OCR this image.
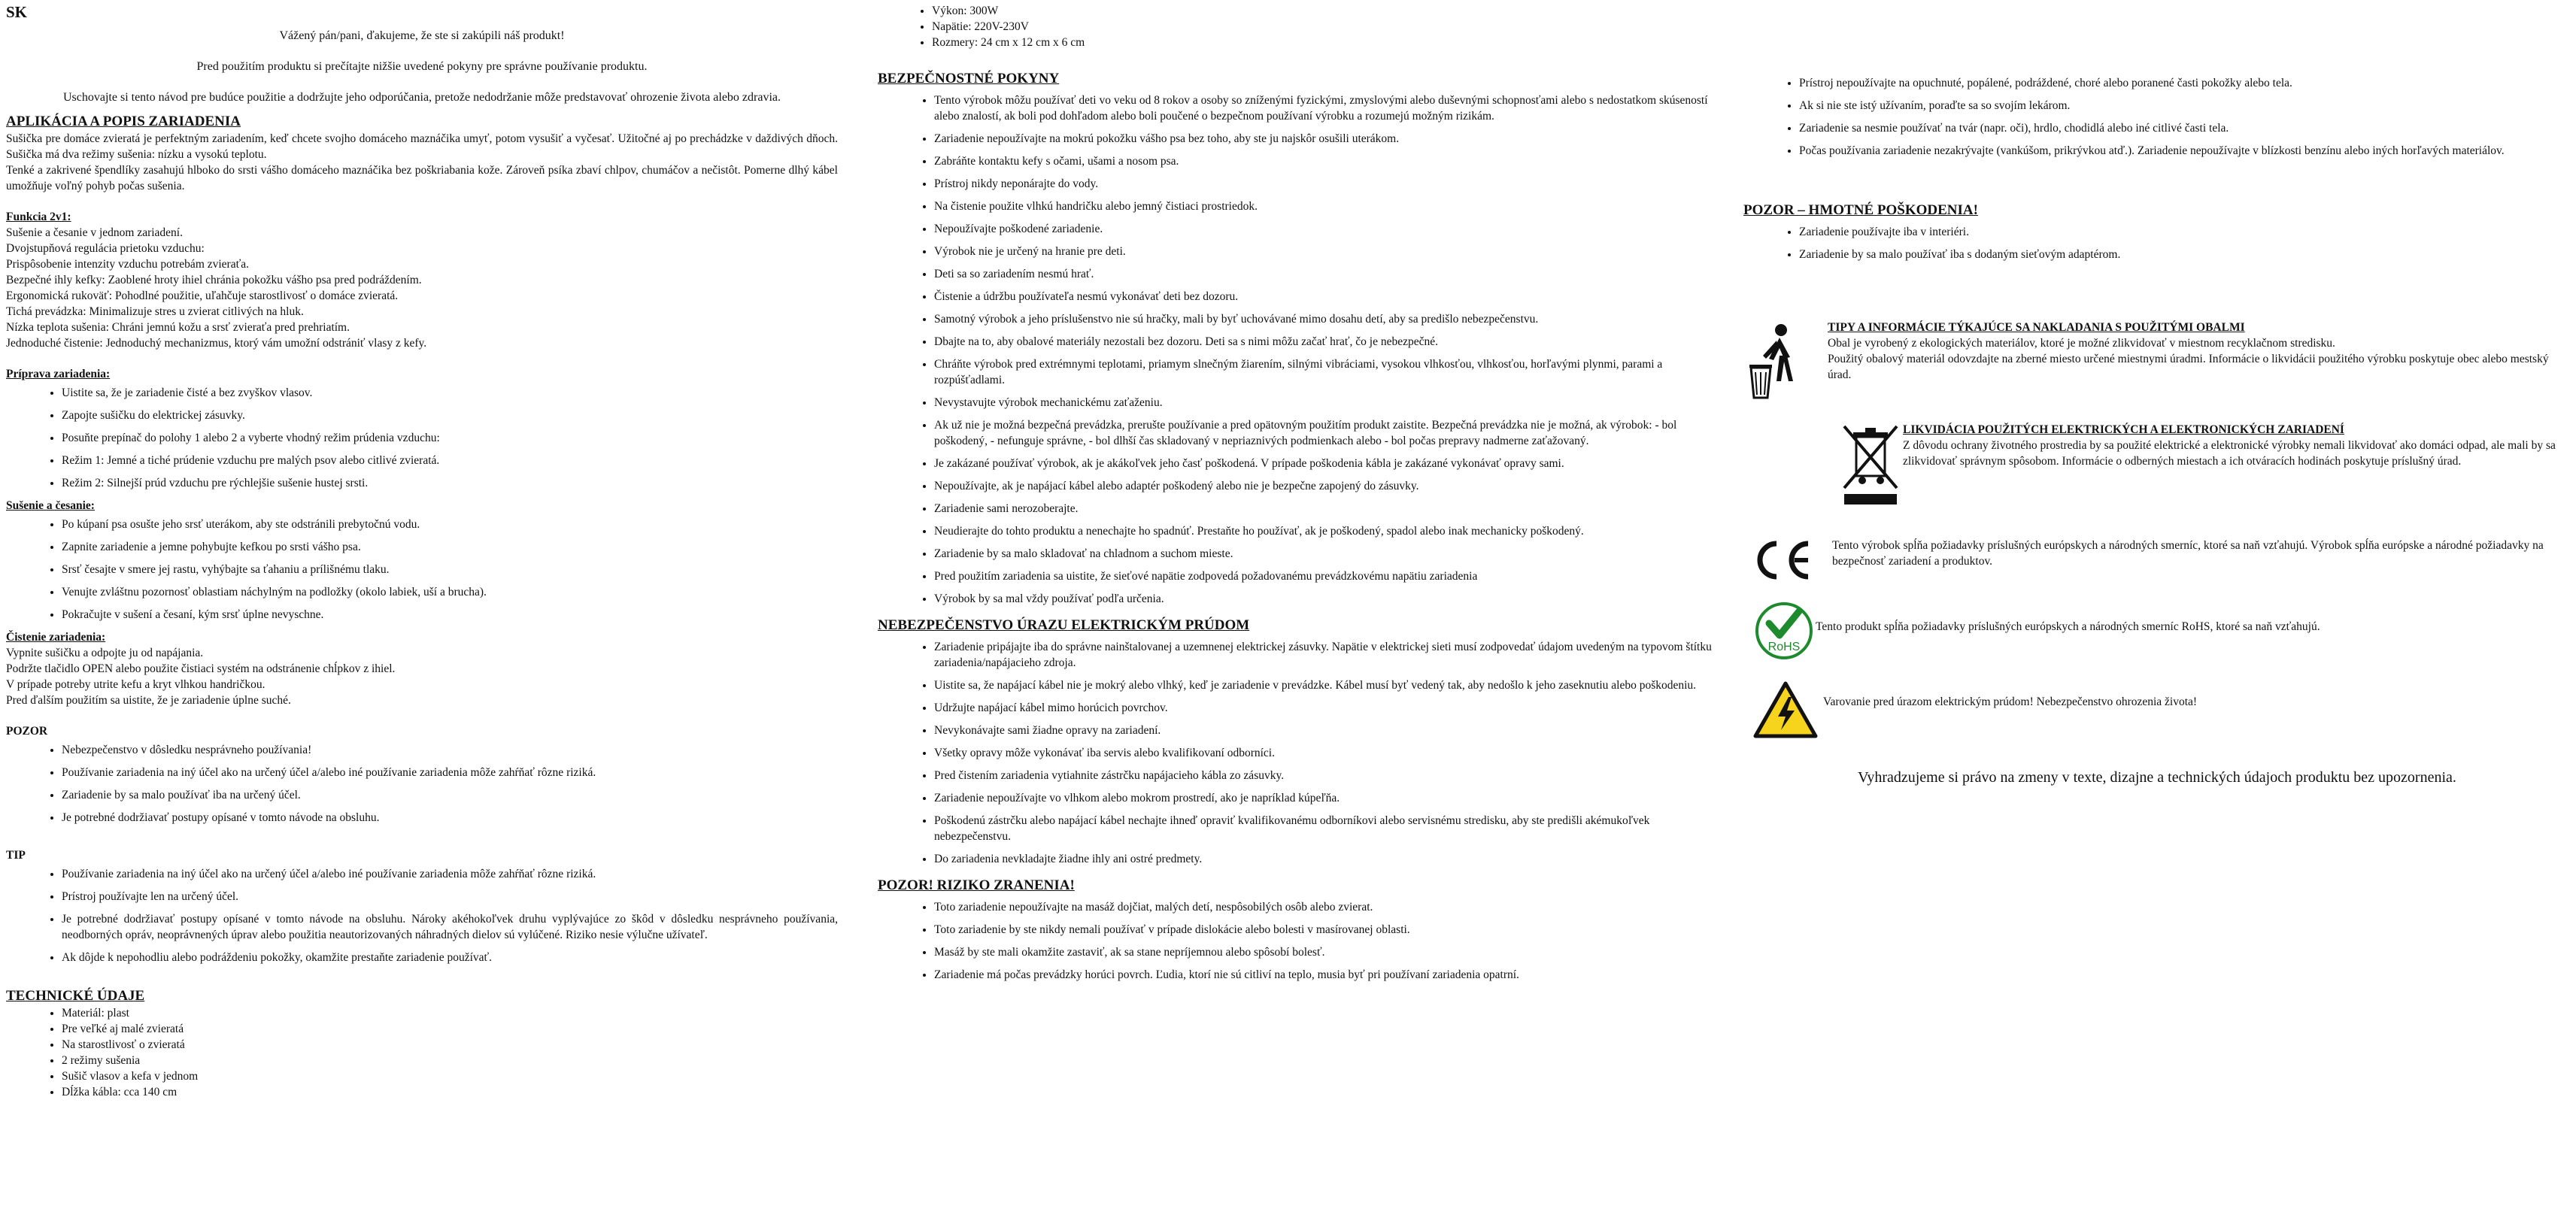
SK

Vážený pán/pani, ďakujeme, že ste si zakúpili náš produkt!

Pred použitím produktu si prečítajte nižšie uvedené pokyny pre správne používanie produktu.

Uschovajte si tento návod pre budúce použitie a dodržujte jeho odporúčania, pretože nedodržanie môže predstavovať ohrozenie života alebo zdravia.

APLIKÁCIA A POPIS ZARIADENIA

Sušička pre domáce zvieratá je perfektným zariadením, keď chcete svojho domáceho maznáčika umyť, potom vysušiť a vyčesať. Užitočné aj po prechádzke v daždivých dňoch. Sušička má dva režimy sušenia: nízku a vysokú teplotu.

Tenké a zakrivené špendlíky zasahujú hlboko do srsti vášho domáceho maznáčika bez poškriabania kože. Zároveň psíka zbaví chlpov, chumáčov a nečistôt. Pomerne dlhý kábel umožňuje voľný pohyb počas sušenia.

Funkcia 2v1:

Sušenie a česanie v jednom zariadení.

Dvojstupňová regulácia prietoku vzduchu:

Prispôsobenie intenzity vzduchu potrebám zvieraťa.

Bezpečné ihly kefky: Zaoblené hroty ihiel chránia pokožku vášho psa pred podráždením.

Ergonomická rukoväť: Pohodlné použitie, uľahčuje starostlivosť o domáce zvieratá.

Tichá prevádzka: Minimalizuje stres u zvierat citlivých na hluk.

Nízka teplota sušenia: Chráni jemnú kožu a srsť zvieraťa pred prehriatím.

Jednoduché čistenie: Jednoduchý mechanizmus, ktorý vám umožní odstrániť vlasy z kefy.

Príprava zariadenia:

• Uistite sa, že je zariadenie čisté a bez zvyškov vlasov.
• Zapojte sušičku do elektrickej zásuvky.
• Posuňte prepínač do polohy 1 alebo 2 a vyberte vhodný režim prúdenia vzduchu:
• Režim 1: Jemné a tiché prúdenie vzduchu pre malých psov alebo citlivé zvieratá.
• Režim 2: Silnejší prúd vzduchu pre rýchlejšie sušenie hustej srsti.

Sušenie a česanie:

• Po kúpaní psa osušte jeho srsť uterákom, aby ste odstránili prebytočnú vodu.
• Zapnite zariadenie a jemne pohybujte kefkou po srsti vášho psa.
• Srsť česajte v smere jej rastu, vyhýbajte sa ťahaniu a prílišnému tlaku.
• Venujte zvláštnu pozornosť oblastiam náchylným na podložky (okolo labiek, uší a brucha).
• Pokračujte v sušení a česaní, kým srsť úplne nevyschne.

Čistenie zariadenia:

Vypnite sušičku a odpojte ju od napájania.

Podržte tlačidlo OPEN alebo použite čistiaci systém na odstránenie chĺpkov z ihiel.

V prípade potreby utrite kefu a kryt vlhkou handričkou.

Pred ďalším použitím sa uistite, že je zariadenie úplne suché.

POZOR

• Nebezpečenstvo v dôsledku nesprávneho používania!
• Používanie zariadenia na iný účel ako na určený účel a/alebo iné používanie zariadenia môže zahŕňať rôzne riziká.
• Zariadenie by sa malo používať iba na určený účel.
• Je potrebné dodržiavať postupy opísané v tomto návode na obsluhu.

TIP

• Používanie zariadenia na iný účel ako na určený účel a/alebo iné používanie zariadenia môže zahŕňať rôzne riziká.
• Prístroj používajte len na určený účel.
• Je potrebné dodržiavať postupy opísané v tomto návode na obsluhu. Nároky akéhokoľvek druhu vyplývajúce zo škôd v dôsledku nesprávneho používania, neodborných opráv, neoprávnených úprav alebo použitia neautorizovaných náhradných dielov sú vylúčené. Riziko nesie výlučne užívateľ.
• Ak dôjde k nepohodliu alebo podráždeniu pokožky, okamžite prestaňte zariadenie používať.

TECHNICKÉ ÚDAJE

• Materiál: plast
• Pre veľké aj malé zvieratá
• Na starostlivosť o zvieratá
• 2 režimy sušenia
• Sušič vlasov a kefa v jednom
• Dĺžka kábla: cca 140 cm
• Výkon: 300W
• Napätie: 220V-230V
• Rozmery: 24 cm x 12 cm x 6 cm

BEZPEČNOSTNÉ POKYNY

• Tento výrobok môžu používať deti vo veku od 8 rokov a osoby so zníženými fyzickými, zmyslovými alebo duševnými schopnosťami alebo s nedostatkom skúseností alebo znalostí, ak boli pod dohľadom alebo boli poučené o bezpečnom používaní výrobku a rozumejú možným rizikám.
• Zariadenie nepoužívajte na mokrú pokožku vášho psa bez toho, aby ste ju najskôr osušili uterákom.
• Zabráňte kontaktu kefy s očami, ušami a nosom psa.
• Prístroj nikdy neponárajte do vody.
• Na čistenie použite vlhkú handričku alebo jemný čistiaci prostriedok.
• Nepoužívajte poškodené zariadenie.
• Výrobok nie je určený na hranie pre deti.
• Deti sa so zariadením nesmú hrať.
• Čistenie a údržbu používateľa nesmú vykonávať deti bez dozoru.
• Samotný výrobok a jeho príslušenstvo nie sú hračky, mali by byť uchovávané mimo dosahu detí, aby sa predišlo nebezpečenstvu.
• Dbajte na to, aby obalové materiály nezostali bez dozoru. Deti sa s nimi môžu začať hrať, čo je nebezpečné.
• Chráňte výrobok pred extrémnymi teplotami, priamym slnečným žiarením, silnými vibráciami, vysokou vlhkosťou, vlhkosťou, horľavými plynmi, parami a rozpúšťadlami.
• Nevystavujte výrobok mechanickému zaťaženiu.
• Ak už nie je možná bezpečná prevádzka, prerušte používanie a pred opätovným použitím produkt zaistite. Bezpečná prevádzka nie je možná, ak výrobok: - bol poškodený, - nefunguje správne, - bol dlhší čas skladovaný v nepriaznivých podmienkach alebo - bol počas prepravy nadmerne zaťažovaný.
• Je zakázané používať výrobok, ak je akákoľvek jeho časť poškodená. V prípade poškodenia kábla je zakázané vykonávať opravy sami.
• Nepoužívajte, ak je napájací kábel alebo adaptér poškodený alebo nie je bezpečne zapojený do zásuvky.
• Zariadenie sami nerozoberajte.
• Neudierajte do tohto produktu a nenechajte ho spadnúť. Prestaňte ho používať, ak je poškodený, spadol alebo inak mechanicky poškodený.
• Zariadenie by sa malo skladovať na chladnom a suchom mieste.
• Pred použitím zariadenia sa uistite, že sieťové napätie zodpovedá požadovanému prevádzkovému napätiu zariadenia
• Výrobok by sa mal vždy používať podľa určenia.

NEBEZPEČENSTVO ÚRAZU ELEKTRICKÝM PRÚDOM

• Zariadenie pripájajte iba do správne nainštalovanej a uzemnenej elektrickej zásuvky. Napätie v elektrickej sieti musí zodpovedať údajom uvedeným na typovom štítku zariadenia/napájacieho zdroja.
• Uistite sa, že napájací kábel nie je mokrý alebo vlhký, keď je zariadenie v prevádzke. Kábel musí byť vedený tak, aby nedošlo k jeho zaseknutiu alebo poškodeniu.
• Udržujte napájací kábel mimo horúcich povrchov.
• Nevykonávajte sami žiadne opravy na zariadení.
• Všetky opravy môže vykonávať iba servis alebo kvalifikovaní odborníci.
• Pred čistením zariadenia vytiahnite zástrčku napájacieho kábla zo zásuvky.
• Zariadenie nepoužívajte vo vlhkom alebo mokrom prostredí, ako je napríklad kúpeľňa.
• Poškodenú zástrčku alebo napájací kábel nechajte ihneď opraviť kvalifikovanému odborníkovi alebo servisnému stredisku, aby ste predišli akémukoľvek nebezpečenstvu.
• Do zariadenia nevkladajte žiadne ihly ani ostré predmety.

POZOR! RIZIKO ZRANENIA!

• Toto zariadenie nepoužívajte na masáž dojčiat, malých detí, nespôsobilých osôb alebo zvierat.
• Toto zariadenie by ste nikdy nemali používať v prípade dislokácie alebo bolesti v masírovanej oblasti.
• Masáž by ste mali okamžite zastaviť, ak sa stane nepríjemnou alebo spôsobí bolesť.
• Zariadenie má počas prevádzky horúci povrch. Ľudia, ktorí nie sú citliví na teplo, musia byť pri používaní zariadenia opatrní.
• Prístroj nepoužívajte na opuchnuté, popálené, podráždené, choré alebo poranené časti pokožky alebo tela.
• Ak si nie ste istý užívaním, poraďte sa so svojím lekárom.
• Zariadenie sa nesmie používať na tvár (napr. oči), hrdlo, chodidlá alebo iné citlivé časti tela.
• Počas používania zariadenie nezakrývajte (vankúšom, prikrývkou atď.). Zariadenie nepoužívajte v blízkosti benzínu alebo iných horľavých materiálov.

POZOR – HMOTNÉ POŠKODENIA!

• Zariadenie používajte iba v interiéri.
• Zariadenie by sa malo používať iba s dodaným sieťovým adaptérom.

TIPY A INFORMÁCIE TÝKAJÚCE SA NAKLADANIA S POUŽITÝMI OBALMI

Obal je vyrobený z ekologických materiálov, ktoré je možné zlikvidovať v miestnom recyklačnom stredisku.

Použitý obalový materiál odovzdajte na zberné miesto určené miestnymi úradmi. Informácie o likvidácii použitého výrobku poskytuje obec alebo mestský úrad.

LIKVIDÁCIA POUŽITÝCH ELEKTRICKÝCH A ELEKTRONICKÝCH ZARIADENÍ

Z dôvodu ochrany životného prostredia by sa použité elektrické a elektronické výrobky nemali likvidovať ako domáci odpad, ale mali by sa zlikvidovať správnym spôsobom. Informácie o odberných miestach a ich otváracích hodinách poskytuje príslušný úrad.

Tento výrobok spĺňa požiadavky príslušných európskych a národných smerníc, ktoré sa naň vzťahujú. Výrobok spĺňa európske a národné požiadavky na bezpečnosť zariadení a produktov.

RoHS

Tento produkt spĺňa požiadavky príslušných európskych a národných smerníc RoHS, ktoré sa naň vzťahujú.

Varovanie pred úrazom elektrickým prúdom! Nebezpečenstvo ohrozenia života!

Vyhradzujeme si právo na zmeny v texte, dizajne a technických údajoch produktu bez upozornenia.
